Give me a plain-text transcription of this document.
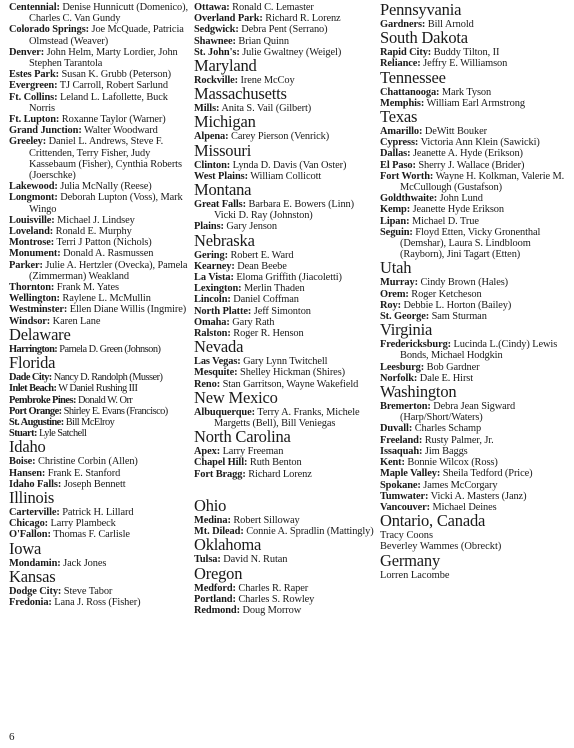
Centennial: Denise Hunnicutt (Domenico), Charles C. Van Gundy
Colorado Springs: Joe McQuade, Patricia Olmstead (Weaver)
Denver: John Helm, Marty Lordier, John Stephen Tarantola
Estes Park: Susan K. Grubb (Peterson)
Evergreen: TJ Carroll, Robert Sarlund
Ft. Collins: Leland L. Lafollette, Buck Norris
Ft. Lupton: Roxanne Taylor (Warner)
Grand Junction: Walter Woodward
Greeley: Daniel L. Andrews, Steve F. Crittenden, Terry Fisher, Judy Kassebaum (Fisher), Cynthia Roberts (Joerschke)
Lakewood: Julia McNally (Reese)
Longmont: Deborah Lupton (Voss), Mark Wingo
Louisville: Michael J. Lindsey
Loveland: Ronald E. Murphy
Montrose: Terri J Patton (Nichols)
Monument: Donald A. Rasmussen
Parker: Julie A. Hertzler (Ovecka), Pamela (Zimmerman) Weakland
Thornton: Frank M. Yates
Wellington: Raylene L. McMullin
Westminster: Ellen Diane Willis (Ingmire)
Windsor: Karen Lane
Delaware
Harrington: Pamela D. Green (Johnson)
Florida
Dade City: Nancy D. Randolph (Musser)
Inlet Beach: W Daniel Rushing III
Pembroke Pines: Donald W. Orr
Port Orange: Shirley E. Evans (Francisco)
St. Augustine: Bill McElroy
Stuart: Lyle Satchell
Idaho
Boise: Christine Corbin (Allen)
Hansen: Frank E. Stanford
Idaho Falls: Joseph Bennett
Illinois
Carterville: Patrick H. Lillard
Chicago: Larry Plambeck
O'Fallon: Thomas F. Carlisle
Iowa
Mondamin: Jack Jones
Kansas
Dodge City: Steve Tabor
Fredonia: Lana J. Ross (Fisher)
Ottawa: Ronald C. Lemaster
Overland Park: Richard R. Lorenz
Sedgwick: Debra Pent (Serrano)
Shawnee: Brian Quinn
St. John's: Julie Gwaltney (Weigel)
Maryland
Rockville: Irene McCoy
Massachusetts
Mills: Anita S. Vail (Gilbert)
Michigan
Alpena: Carey Pierson (Venrick)
Missouri
Clinton: Lynda D. Davis (Van Oster)
West Plains: William Collicott
Montana
Great Falls: Barbara E. Bowers (Linn) Vicki D. Ray (Johnston)
Plains: Gary Jenson
Nebraska
Gering: Robert E. Ward
Kearney: Dean Beebe
La Vista: Eloma Griffith (Jiacoletti)
Lexington: Merlin Thaden
Lincoln: Daniel Coffman
North Platte: Jeff Simonton
Omaha: Gary Rath
Ralston: Roger R. Henson
Nevada
Las Vegas: Gary Lynn Twitchell
Mesquite: Shelley Hickman (Shires)
Reno: Stan Garritson, Wayne Wakefield
New Mexico
Albuquerque: Terry A. Franks, Michele Margetts (Bell), Bill Veniegas
North Carolina
Apex: Larry Freeman
Chapel Hill: Ruth Benton
Fort Bragg: Richard Lorenz
Ohio
Medina: Robert Silloway
Mt. Dilead: Connie A. Spradlin (Mattingly)
Oklahoma
Tulsa: David N. Rutan
Oregon
Medford: Charles R. Raper
Portland: Charles S. Rowley
Redmond: Doug Morrow
Pennsyvania
Gardners: Bill Arnold
South Dakota
Rapid City: Buddy Tilton, II
Reliance: Jeffry E. Williamson
Tennessee
Chattanooga: Mark Tyson
Memphis: William Earl Armstrong
Texas
Amarillo: DeWitt Bouker
Cypress: Victoria Ann Klein (Sawicki)
Dallas: Jeanette A. Hyde (Erikson)
El Paso: Sherry J. Wallace (Brider)
Fort Worth: Wayne H. Kolkman, Valerie M. McCullough (Gustafson)
Goldthwaite: John Lund
Kemp: Jeanette Hyde Erikson
Lipan: Michael D. True
Seguin: Floyd Etten, Vicky Gronenthal (Demshar), Laura S. Lindbloom (Rayborn), Jini Tagart (Etten)
Utah
Murray: Cindy Brown (Hales)
Orem: Roger Ketcheson
Roy: Debbie L. Horton (Bailey)
St. George: Sam Sturman
Virginia
Fredericksburg: Lucinda L.(Cindy) Lewis Bonds, Michael Hodgkin
Leesburg: Bob Gardner
Norfolk: Dale E. Hirst
Washington
Bremerton: Debra Jean Sigward (Harp/Short/Waters)
Duvall: Charles Schamp
Freeland: Rusty Palmer, Jr.
Issaquah: Jim Baggs
Kent: Bonnie Wilcox (Ross)
Maple Valley: Sheila Tedford (Price)
Spokane: James McCorgary
Tumwater: Vicki A. Masters (Janz)
Vancouver: Michael Deines
Ontario, Canada
Tracy Coons
Beverley Wammes (Obreckt)
Germany
Lorren Lacombe
6
